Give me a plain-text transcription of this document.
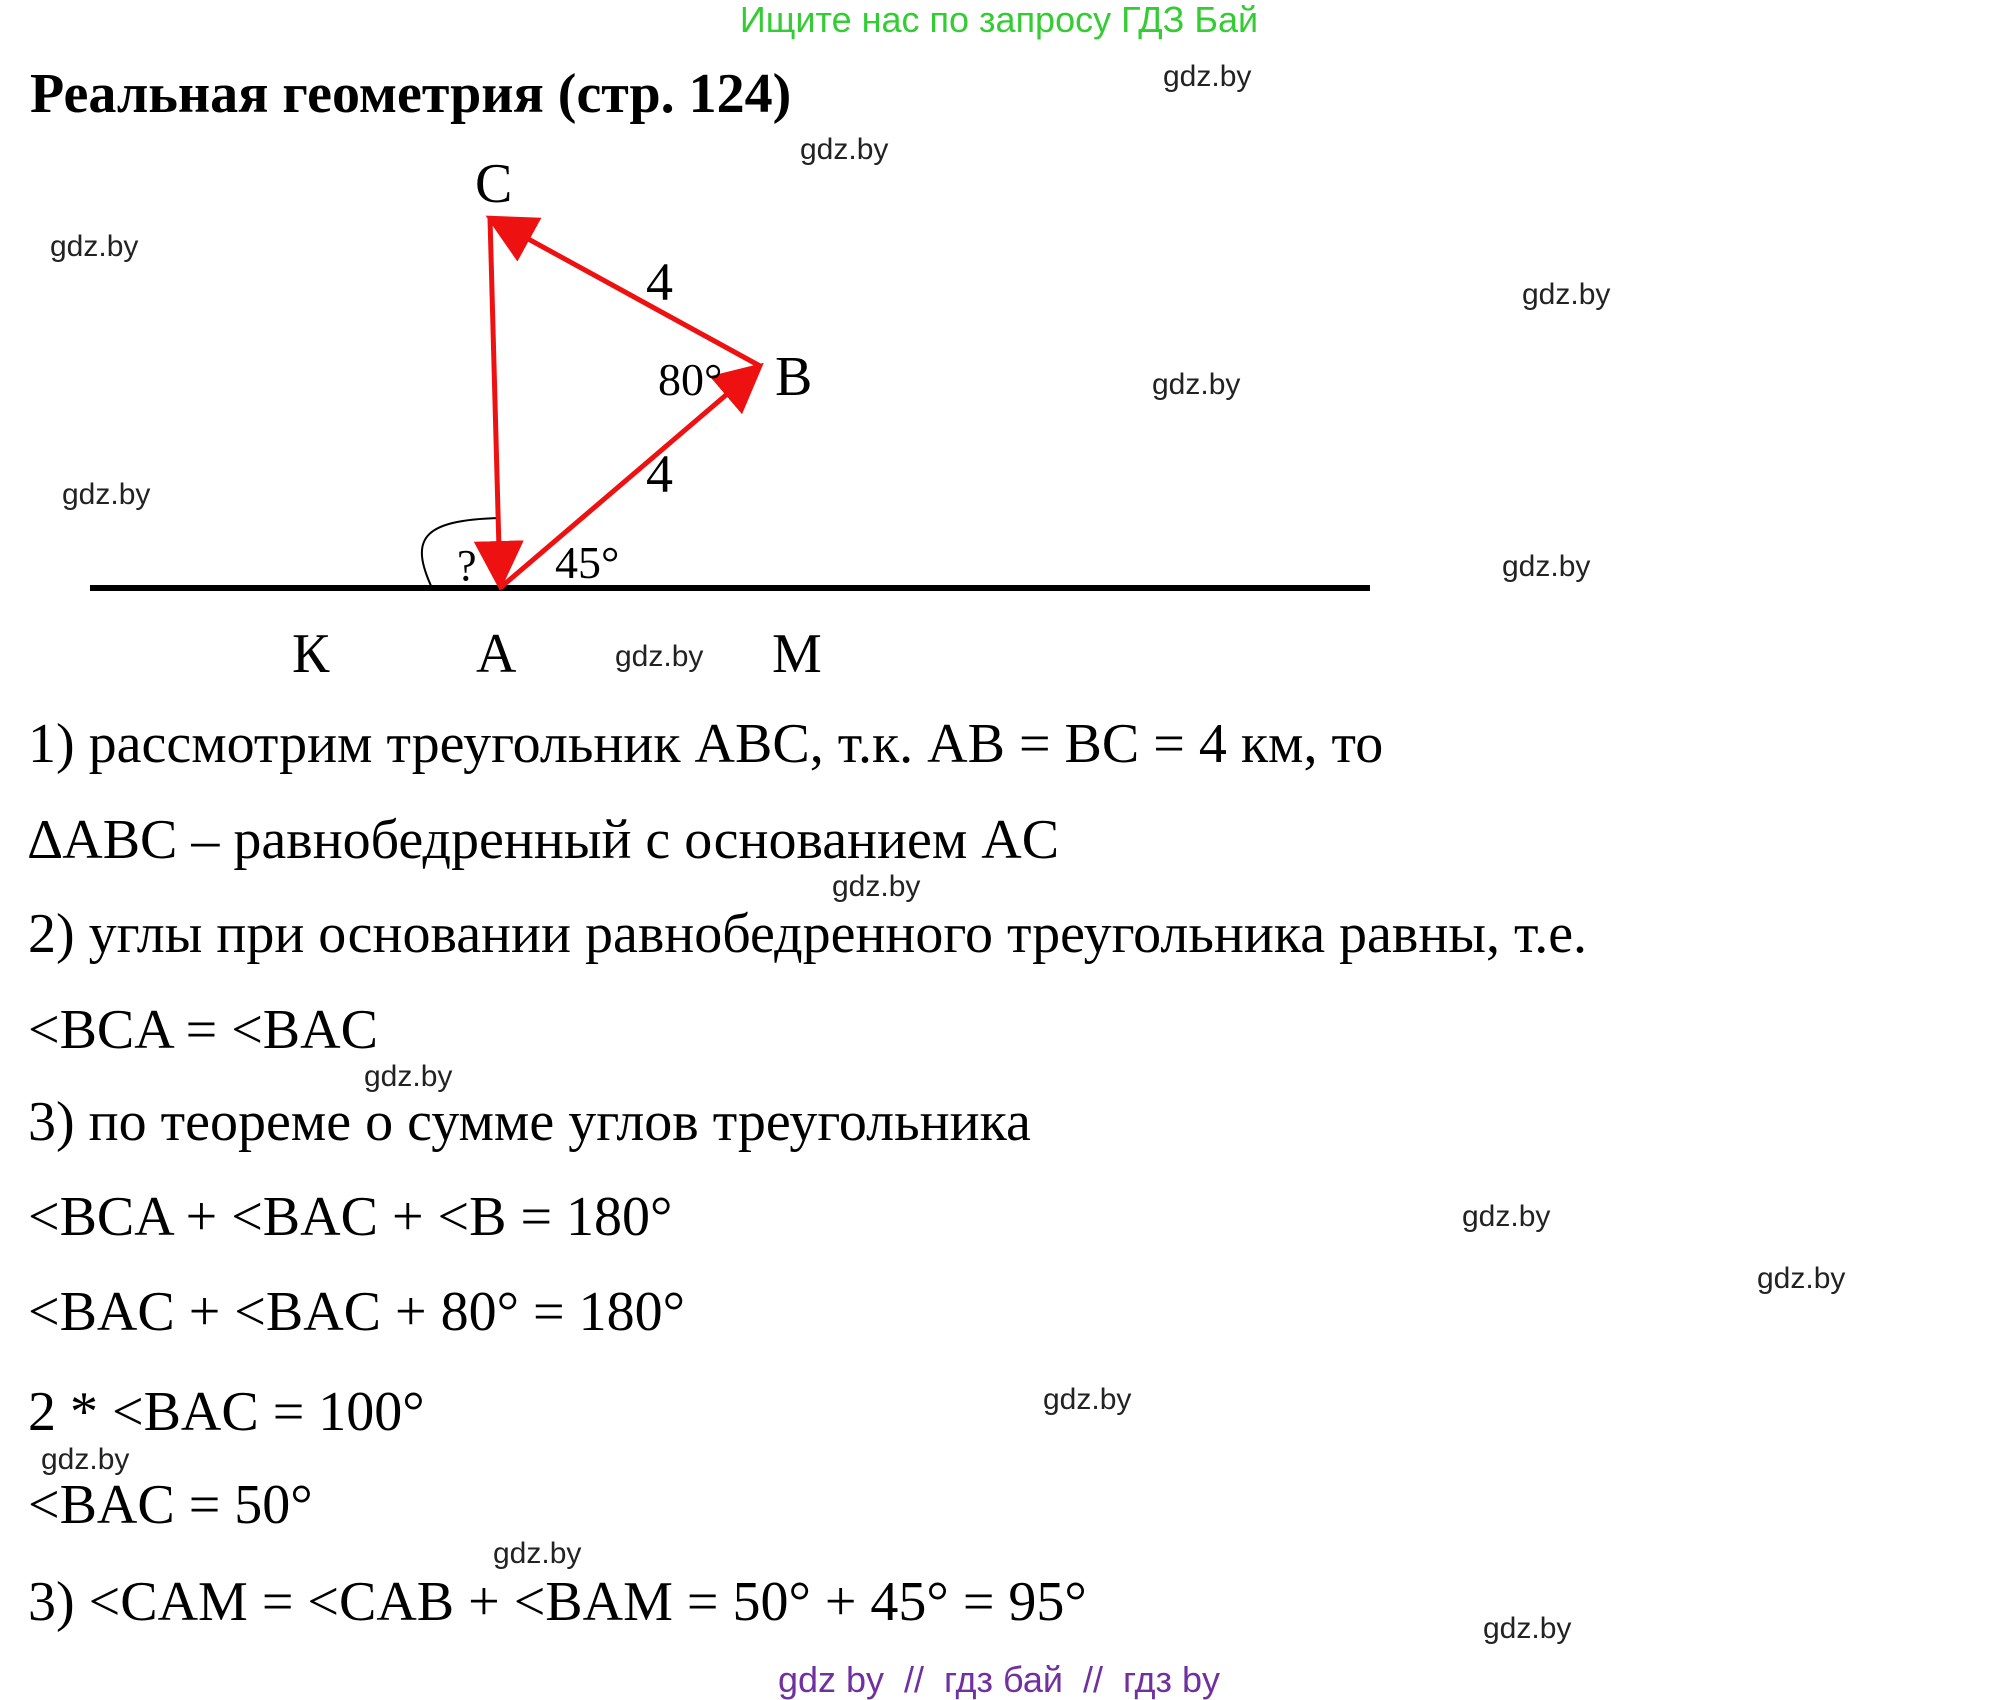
Ищите нас по запросу ГДЗ Бай
Реальная геометрия (стр. 124)
C
B
4
4
80°
45°
?
К	А	М
1) рассмотрим треугольник ABC, т.к. AB = BC = 4 км, то
∆ABC – равнобедренный с основанием AC
2) углы при основании равнобедренного треугольника равны, т.е.
<BCA = <BAC
3) по теореме о сумме углов треугольника
<BCA + <BAC + <B = 180°
<BAC + <BAC + 80° = 180°
2 * <BAC = 100°
<BAC = 50°
3) <CAM = <CAB + <BAM = 50° + 45° = 95°
gdz.by
gdz.by
gdz.by
gdz.by
gdz.by
gdz.by
gdz.by
gdz.by
gdz.by
gdz.by
gdz.by
gdz.by
gdz.by
gdz.by
gdz.by
gdz.by
gdz by  //  гдз бай  //  гдз by
